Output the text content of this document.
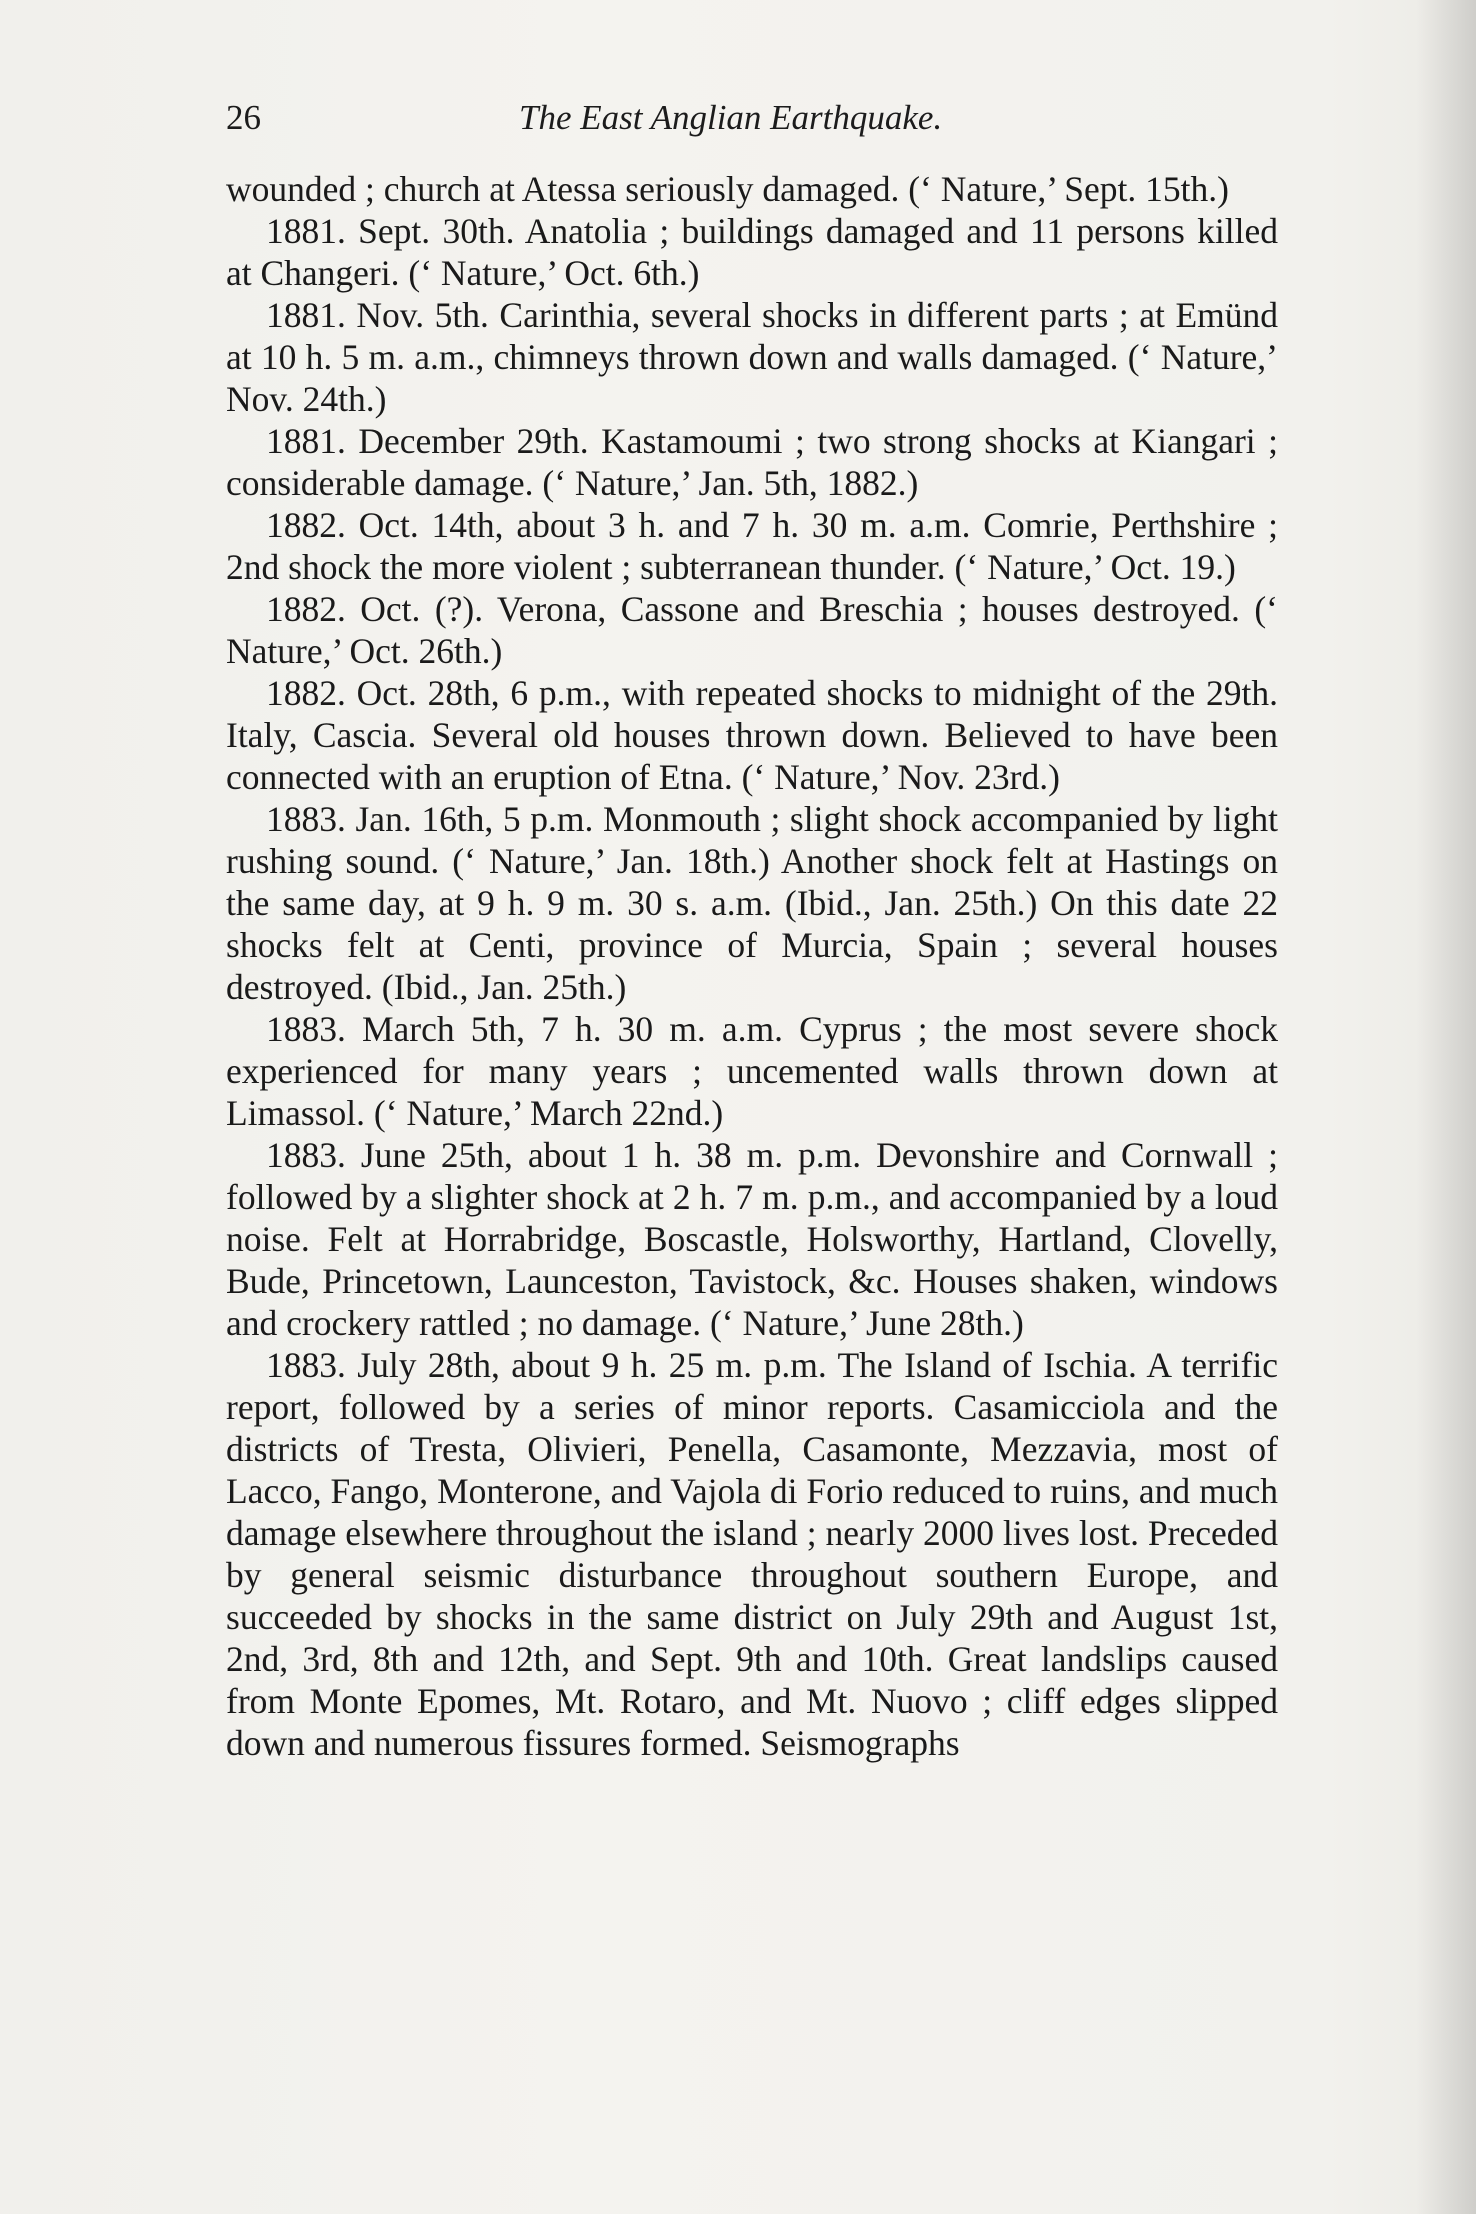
26	The East Anglian Earthquake.

wounded ; church at Atessa seriously damaged. (‘ Nature,’ Sept. 15th.)

1881. Sept. 30th. Anatolia ; buildings damaged and 11 persons killed at Changeri. (‘ Nature,’ Oct. 6th.)

1881. Nov. 5th. Carinthia, several shocks in different parts ; at Emünd at 10 h. 5 m. a.m., chimneys thrown down and walls damaged. (‘ Nature,’ Nov. 24th.)

1881. December 29th. Kastamoumi ; two strong shocks at Kiangari ; considerable damage. (‘ Nature,’ Jan. 5th, 1882.)

1882. Oct. 14th, about 3 h. and 7 h. 30 m. a.m. Comrie, Perthshire ; 2nd shock the more violent ; subterranean thunder. (‘ Nature,’ Oct. 19.)

1882. Oct. (?). Verona, Cassone and Breschia ; houses destroyed. (‘ Nature,’ Oct. 26th.)

1882. Oct. 28th, 6 p.m., with repeated shocks to midnight of the 29th. Italy, Cascia. Several old houses thrown down. Believed to have been connected with an eruption of Etna. (‘ Nature,’ Nov. 23rd.)

1883. Jan. 16th, 5 p.m. Monmouth ; slight shock accompanied by light rushing sound. (‘ Nature,’ Jan. 18th.) Another shock felt at Hastings on the same day, at 9 h. 9 m. 30 s. a.m. (Ibid., Jan. 25th.) On this date 22 shocks felt at Centi, province of Murcia, Spain ; several houses destroyed. (Ibid., Jan. 25th.)

1883. March 5th, 7 h. 30 m. a.m. Cyprus ; the most severe shock experienced for many years ; uncemented walls thrown down at Limassol. (‘ Nature,’ March 22nd.)

1883. June 25th, about 1 h. 38 m. p.m. Devonshire and Cornwall ; followed by a slighter shock at 2 h. 7 m. p.m., and accompanied by a loud noise. Felt at Horrabridge, Boscastle, Holsworthy, Hartland, Clovelly, Bude, Princetown, Launceston, Tavistock, &c. Houses shaken, windows and crockery rattled ; no damage. (‘ Nature,’ June 28th.)

1883. July 28th, about 9 h. 25 m. p.m. The Island of Ischia. A terrific report, followed by a series of minor reports. Casamicciola and the districts of Tresta, Olivieri, Penella, Casamonte, Mezzavia, most of Lacco, Fango, Monterone, and Vajola di Forio reduced to ruins, and much damage elsewhere throughout the island ; nearly 2000 lives lost. Preceded by general seismic disturbance throughout southern Europe, and succeeded by shocks in the same district on July 29th and August 1st, 2nd, 3rd, 8th and 12th, and Sept. 9th and 10th. Great landslips caused from Monte Epomes, Mt. Rotaro, and Mt. Nuovo ; cliff edges slipped down and numerous fissures formed. Seismographs
